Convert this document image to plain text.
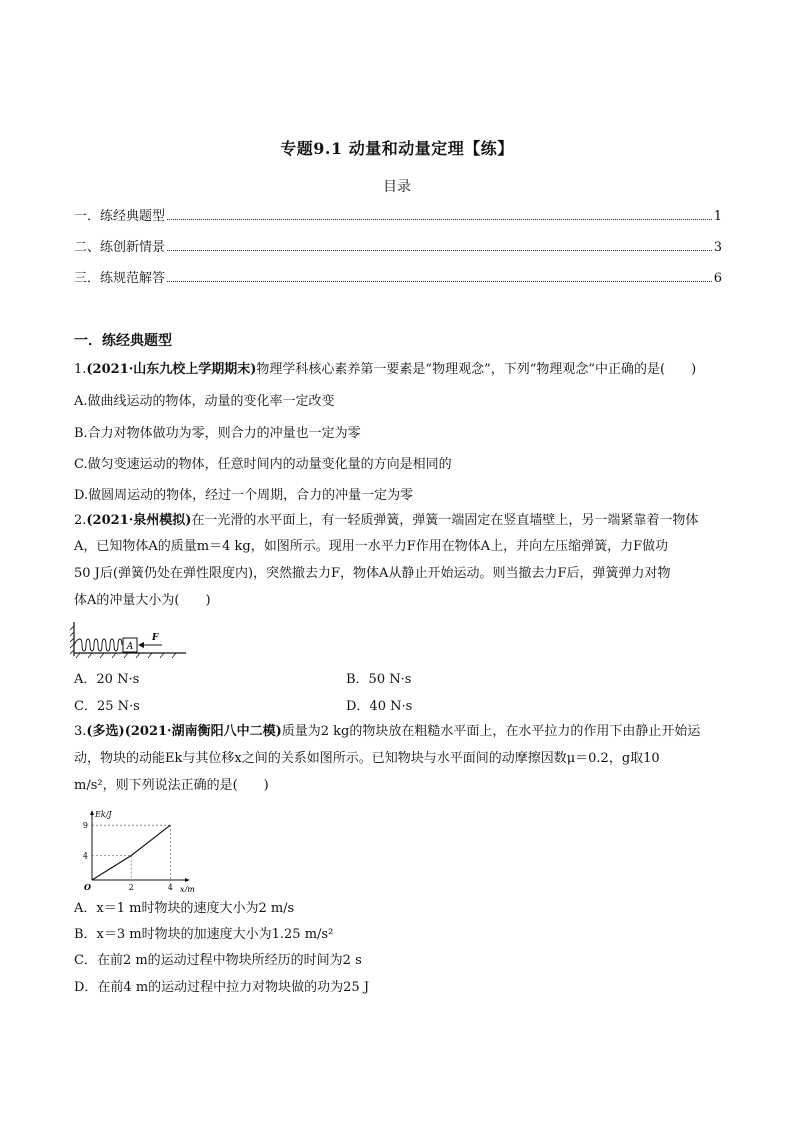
专题9.1 动量和动量定理【练】
目录
一．练经典题型	1
二、练创新情景	3
三．练规范解答	6
一．练经典题型
1.(2021·山东九校上学期期末)物理学科核心素养第一要素是“物理观念”，下列“物理观念”中正确的是(　　)
A.做曲线运动的物体，动量的变化率一定改变
B.合力对物体做功为零，则合力的冲量也一定为零
C.做匀变速运动的物体，任意时间内的动量变化量的方向是相同的
D.做圆周运动的物体，经过一个周期，合力的冲量一定为零
2.(2021·泉州模拟)在一光滑的水平面上，有一轻质弹簧，弹簧一端固定在竖直墙壁上，另一端紧靠着一物体
A，已知物体A的质量m＝4 kg，如图所示。现用一水平力F作用在物体A上，并向左压缩弹簧，力F做功
50 J后(弹簧仍处在弹性限度内)，突然撤去力F，物体A从静止开始运动。则当撤去力F后，弹簧弹力对物
体A的冲量大小为(　　)
A
F
A．20 N·s	B．50 N·s
C．25 N·s	D．40 N·s
3.(多选)(2021·湖南衡阳八中二模)质量为2 kg的物块放在粗糙水平面上，在水平拉力的作用下由静止开始运
动，物块的动能Ek与其位移x之间的关系如图所示。已知物块与水平面间的动摩擦因数μ＝0.2，g取10
m/s²，则下列说法正确的是(　　)
Ek/J
x/m
O	2
4
4
9
A．x＝1 m时物块的速度大小为2 m/s
B．x＝3 m时物块的加速度大小为1.25 m/s²
C．在前2 m的运动过程中物块所经历的时间为2 s
D．在前4 m的运动过程中拉力对物块做的功为25 J
